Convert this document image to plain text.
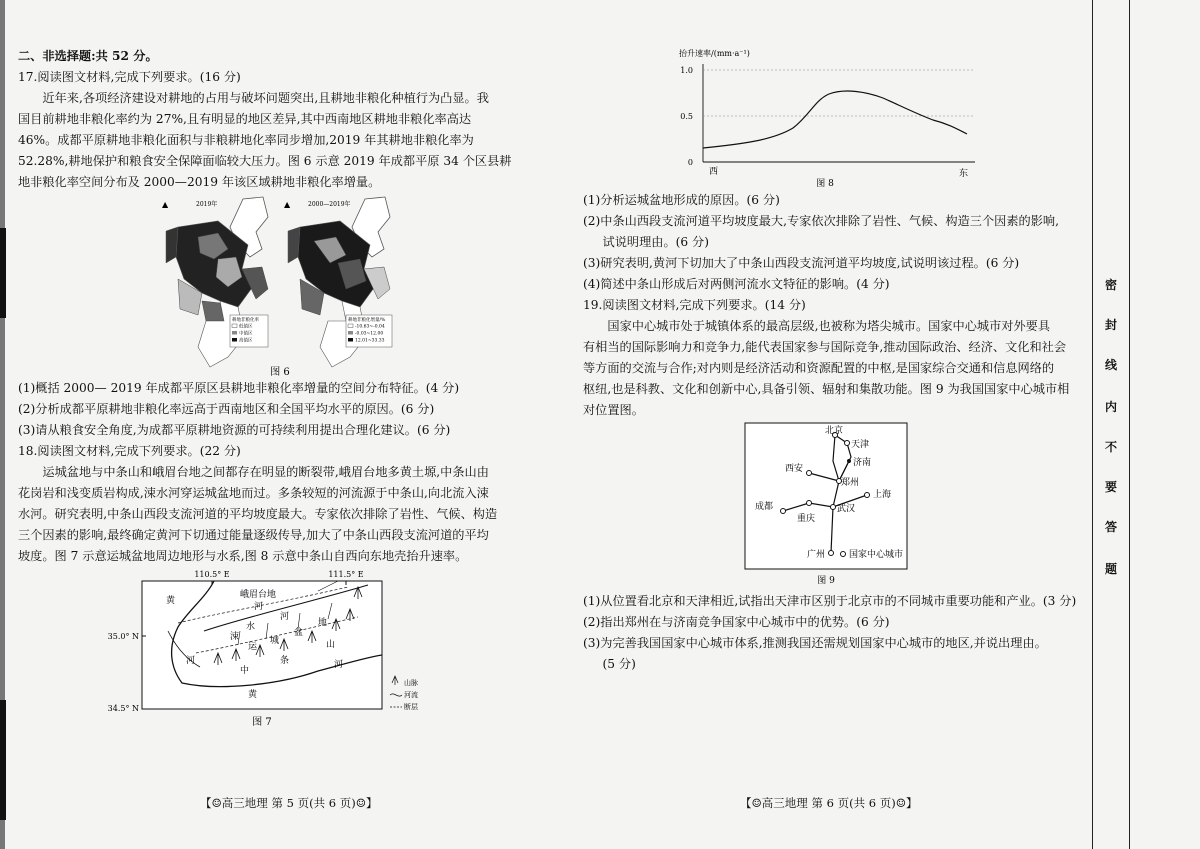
二、非选择题:共 52 分。

17.阅读图文材料,完成下列要求。(16 分)

近年来,各项经济建设对耕地的占用与破坏问题突出,且耕地非粮化种植行为凸显。我

国目前耕地非粮化率约为 27%,且有明显的地区差异,其中西南地区耕地非粮化率高达

46%。成都平原耕地非粮化面积与非粮耕地化率同步增加,2019 年其耕地非粮化率为

52.28%,耕地保护和粮食安全保障面临较大压力。图 6 示意 2019 年成都平原 34 个区县耕

地非粮化率空间分布及 2000—2019 年该区域耕地非粮化率增量。

▲	2019年
耕地非粮化率
低值区
中值区
高值区
▲	2000—2019年
耕地非粮化增量/%
-10.63~-0.04
-0.03~12.00
12.01~33.33
图 6

(1)概括 2000— 2019 年成都平原区县耕地非粮化率增量的空间分布特征。(4 分)

(2)分析成都平原耕地非粮化率远高于西南地区和全国平均水平的原因。(6 分)

(3)请从粮食安全角度,为成都平原耕地资源的可持续利用提出合理化建议。(6 分)

18.阅读图文材料,完成下列要求。(22 分)

运城盆地与中条山和峨眉台地之间都存在明显的断裂带,峨眉台地多黄土塬,中条山由

花岗岩和浅变质岩构成,涑水河穿运城盆地而过。多条较短的河流源于中条山,向北流入涑

水河。研究表明,中条山西段支流河道的平均坡度最大。专家依次排除了岩性、气候、构造

三个因素的影响,最终确定黄河下切通过能量逐级传导,加大了中条山西段支流河道的平均

坡度。图 7 示意运城盆地周边地形与水系,图 8 示意中条山自西向东地壳抬升速率。

110.5° E	111.5° E
35.0° N
34.5° N
峨眉台地
黄
河
涑
水
河
运
城
盆
地
中
条
山
河
黄
河
山脉
河流
断层
图 7
【☺高三地理 第 5 页(共 6 页)☺】
抬升速率/(mm·a⁻¹)
1.0
0.5
0
西	东
图 8

(1)分析运城盆地形成的原因。(6 分)

(2)中条山西段支流河道平均坡度最大,专家依次排除了岩性、气候、构造三个因素的影响,

试说明理由。(6 分)

(3)研究表明,黄河下切加大了中条山西段支流河道平均坡度,试说明该过程。(6 分)

(4)简述中条山形成后对两侧河流水文特征的影响。(4 分)

19.阅读图文材料,完成下列要求。(14 分)

国家中心城市处于城镇体系的最高层级,也被称为塔尖城市。国家中心城市对外要具

有相当的国际影响力和竞争力,能代表国家参与国际竞争,推动国际政治、经济、文化和社会

等方面的交流与合作;对内则是经济活动和资源配置的中枢,是国家综合交通和信息网络的

枢纽,也是科教、文化和创新中心,具备引领、辐射和集散功能。图 9 为我国国家中心城市相

对位置图。

北京
天津
济南
西安
郑州
上海
成都	武汉
重庆
广州	国家中心城市
图 9

(1)从位置看北京和天津相近,试指出天津市区别于北京市的不同城市重要功能和产业。(3 分)

(2)指出郑州在与济南竞争国家中心城市中的优势。(6 分)

(3)为完善我国国家中心城市体系,推测我国还需规划国家中心城市的地区,并说出理由。

(5 分)

【☺高三地理 第 6 页(共 6 页)☺】
密
封
线
内
不
要
答
题
